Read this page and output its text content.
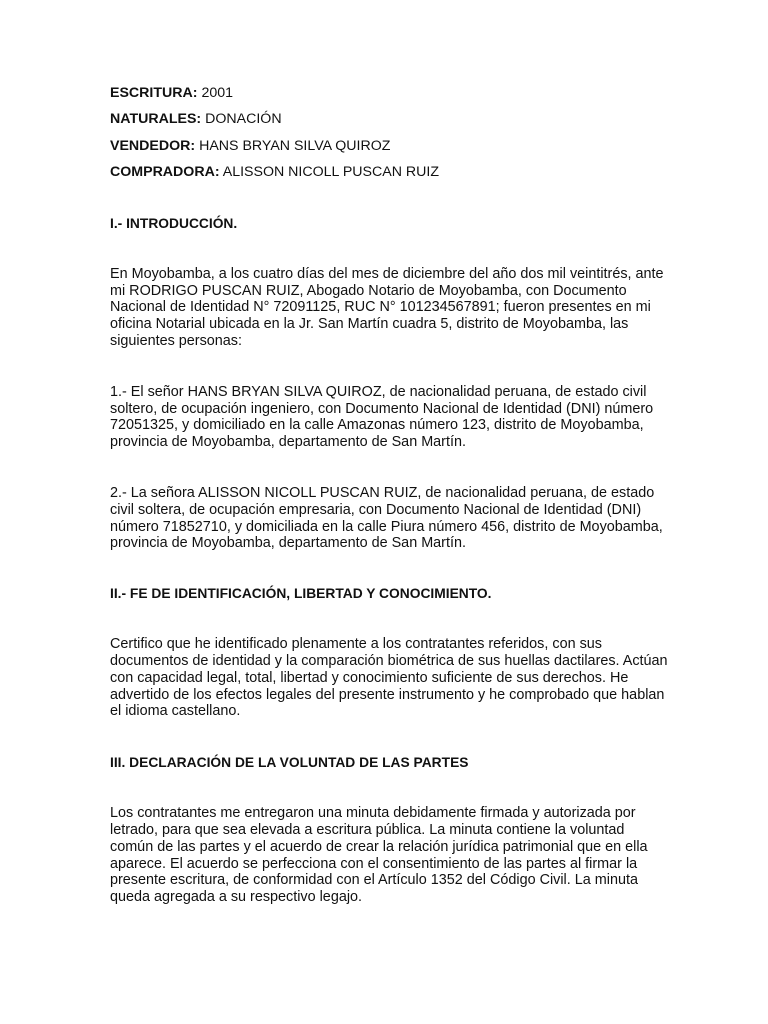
ESCRITURA: 2001

NATURALES: DONACIÓN

VENDEDOR: HANS BRYAN SILVA QUIROZ

COMPRADORA: ALISSON NICOLL PUSCAN RUIZ

I.- INTRODUCCIÓN.

En Moyobamba, a los cuatro días del mes de diciembre del año dos mil veintitrés, ante mi RODRIGO PUSCAN RUIZ, Abogado Notario de Moyobamba, con Documento Nacional de Identidad N° 72091125, RUC N° 101234567891; fueron presentes en mi oficina Notarial ubicada en la Jr. San Martín cuadra 5, distrito de Moyobamba, las siguientes personas:

1.- El señor HANS BRYAN SILVA QUIROZ, de nacionalidad peruana, de estado civil soltero, de ocupación ingeniero, con Documento Nacional de Identidad (DNI) número 72051325, y domiciliado en la calle Amazonas número 123, distrito de Moyobamba, provincia de Moyobamba, departamento de San Martín.

2.- La señora ALISSON NICOLL PUSCAN RUIZ, de nacionalidad peruana, de estado civil soltera, de ocupación empresaria, con Documento Nacional de Identidad (DNI) número 71852710, y domiciliada en la calle Piura número 456, distrito de Moyobamba, provincia de Moyobamba, departamento de San Martín.

II.- FE DE IDENTIFICACIÓN, LIBERTAD Y CONOCIMIENTO.

Certifico que he identificado plenamente a los contratantes referidos, con sus documentos de identidad y la comparación biométrica de sus huellas dactilares. Actúan con capacidad legal, total, libertad y conocimiento suficiente de sus derechos. He advertido de los efectos legales del presente instrumento y he comprobado que hablan el idioma castellano.

III. DECLARACIÓN DE LA VOLUNTAD DE LAS PARTES

Los contratantes me entregaron una minuta debidamente firmada y autorizada por letrado, para que sea elevada a escritura pública. La minuta contiene la voluntad común de las partes y el acuerdo de crear la relación jurídica patrimonial que en ella aparece. El acuerdo se perfecciona con el consentimiento de las partes al firmar la presente escritura, de conformidad con el Artículo 1352 del Código Civil. La minuta queda agregada a su respectivo legajo.
